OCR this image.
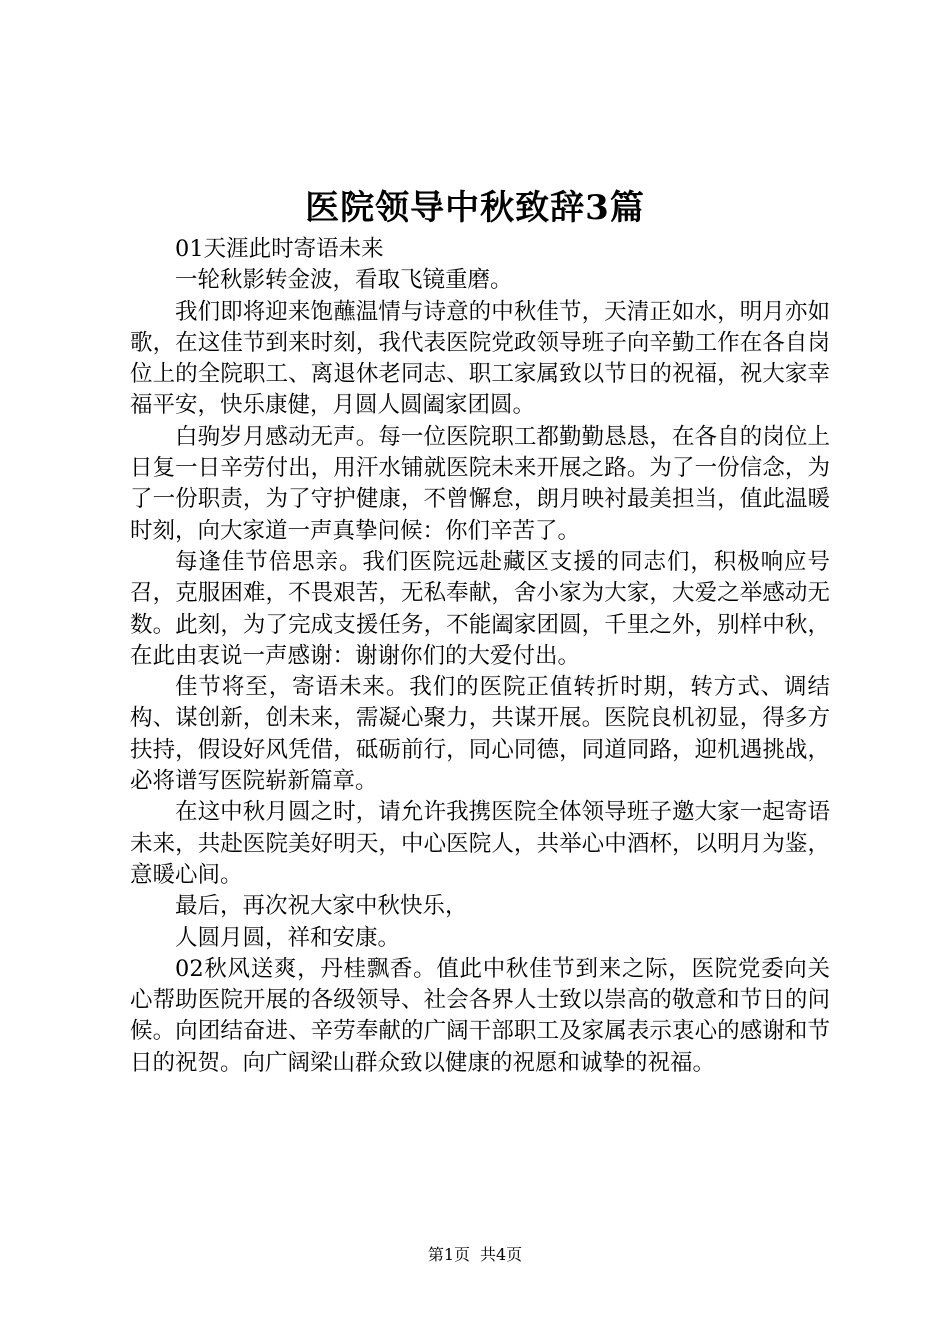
医院领导中秋致辞3篇

01天涯此时寄语未来

一轮秋影转金波，看取飞镜重磨。

我们即将迎来饱蘸温情与诗意的中秋佳节，天清正如水，明月亦如歌，在这佳节到来时刻，我代表医院党政领导班子向辛勤工作在各自岗位上的全院职工、离退休老同志、职工家属致以节日的祝福，祝大家幸福平安，快乐康健，月圆人圆阖家团圆。

白驹岁月感动无声。每一位医院职工都勤勤恳恳，在各自的岗位上日复一日辛劳付出，用汗水铺就医院未来开展之路。为了一份信念，为了一份职责，为了守护健康，不曾懈怠，朗月映衬最美担当，值此温暖时刻，向大家道一声真挚问候：你们辛苦了。

每逢佳节倍思亲。我们医院远赴藏区支援的同志们，积极响应号召，克服困难，不畏艰苦，无私奉献，舍小家为大家，大爱之举感动无数。此刻，为了完成支援任务，不能阖家团圆，千里之外，别样中秋，在此由衷说一声感谢：谢谢你们的大爱付出。

佳节将至，寄语未来。我们的医院正值转折时期，转方式、调结构、谋创新，创未来，需凝心聚力，共谋开展。医院良机初显，得多方扶持，假设好风凭借，砥砺前行，同心同德，同道同路，迎机遇挑战，必将谱写医院崭新篇章。

在这中秋月圆之时，请允许我携医院全体领导班子邀大家一起寄语未来，共赴医院美好明天，中心医院人，共举心中酒杯，以明月为鉴，意暖心间。

最后，再次祝大家中秋快乐，

人圆月圆，祥和安康。

02秋风送爽，丹桂飘香。值此中秋佳节到来之际，医院党委向关心帮助医院开展的各级领导、社会各界人士致以崇高的敬意和节日的问候。向团结奋进、辛劳奉献的广阔干部职工及家属表示衷心的感谢和节日的祝贺。向广阔梁山群众致以健康的祝愿和诚挚的祝福。

第1页 共4页
